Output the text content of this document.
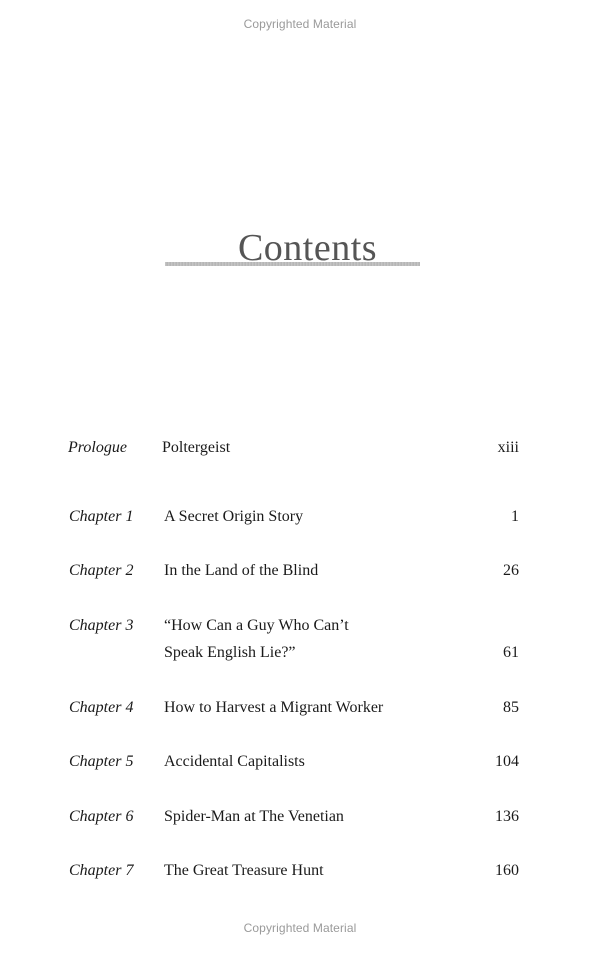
Copyrighted Material
Contents
Prologue Poltergeist	xiii
Chapter 1 A Secret Origin Story	1
Chapter 2 In the Land of the Blind	26
Chapter 3 “How Can a Guy Who Can’t
Speak English Lie?”	61
Chapter 4 How to Harvest a Migrant Worker	85
Chapter 5 Accidental Capitalists	104
Chapter 6 Spider-Man at The Venetian	136
Chapter 7 The Great Treasure Hunt	160
Copyrighted Material
